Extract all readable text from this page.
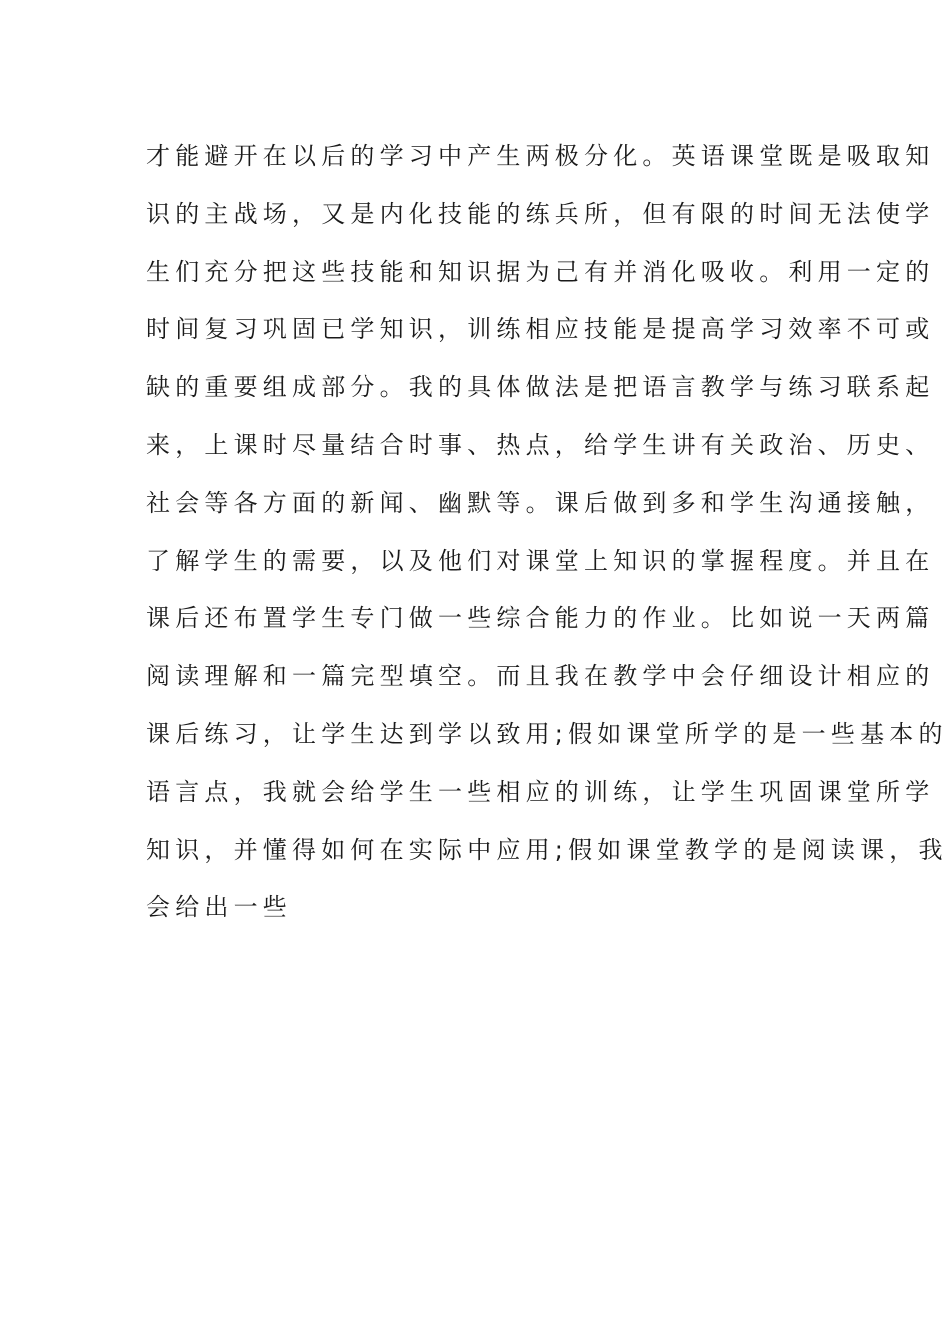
才能避开在以后的学习中产生两极分化。英语课堂既是吸取知
识的主战场，又是内化技能的练兵所，但有限的时间无法使学
生们充分把这些技能和知识据为己有并消化吸收。利用一定的
时间复习巩固已学知识，训练相应技能是提高学习效率不可或
缺的重要组成部分。我的具体做法是把语言教学与练习联系起
来，上课时尽量结合时事、热点，给学生讲有关政治、历史、
社会等各方面的新闻、幽默等。课后做到多和学生沟通接触，
了解学生的需要，以及他们对课堂上知识的掌握程度。并且在
课后还布置学生专门做一些综合能力的作业。比如说一天两篇
阅读理解和一篇完型填空。而且我在教学中会仔细设计相应的
课后练习，让学生达到学以致用;假如课堂所学的是一些基本的
语言点，我就会给学生一些相应的训练，让学生巩固课堂所学
知识，并懂得如何在实际中应用;假如课堂教学的是阅读课，我
会给出一些
